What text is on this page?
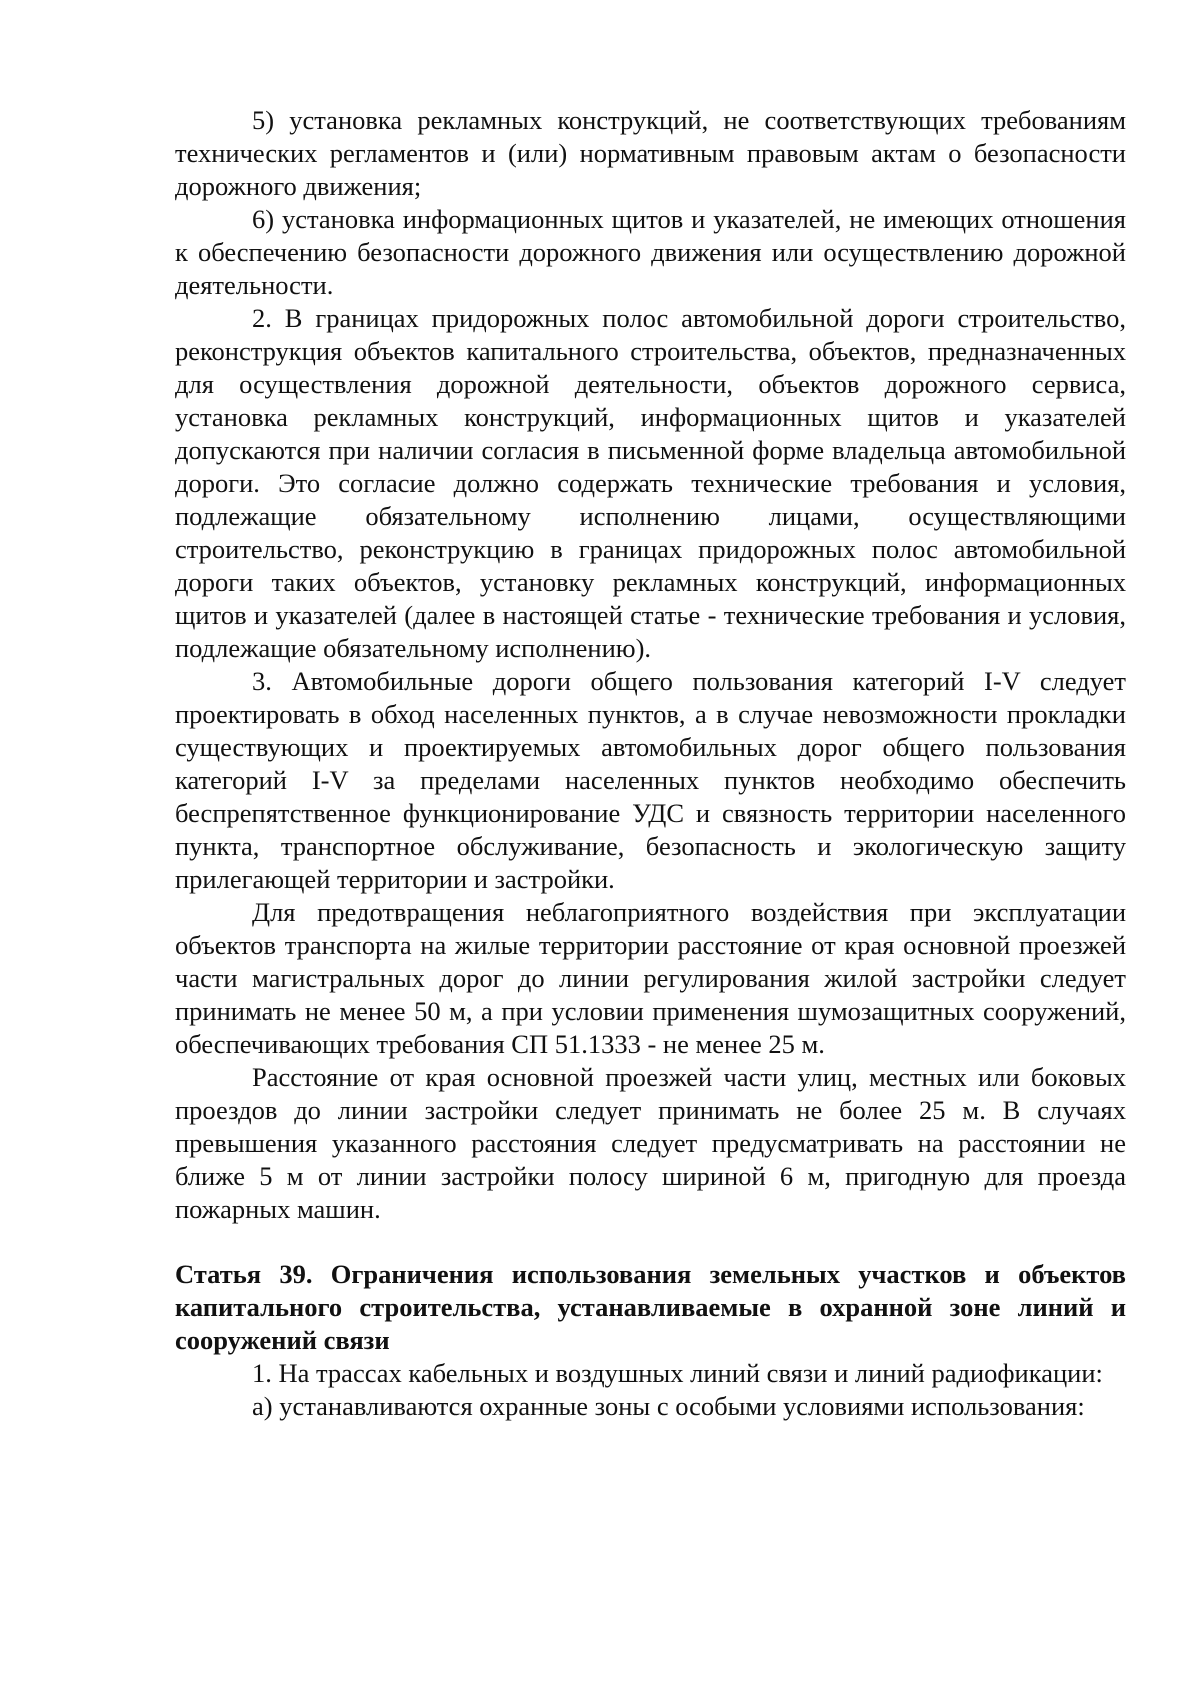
5) установка рекламных конструкций, не соответствующих требованиям технических регламентов и (или) нормативным правовым актам о безопасности дорожного движения;

6) установка информационных щитов и указателей, не имеющих отношения к обеспечению безопасности дорожного движения или осуществлению дорожной деятельности.

2. В границах придорожных полос автомобильной дороги строительство, реконструкция объектов капитального строительства, объектов, предназначенных для осуществления дорожной деятельности, объектов дорожного сервиса, установка рекламных конструкций, информационных щитов и указателей допускаются при наличии согласия в письменной форме владельца автомобильной дороги. Это согласие должно содержать технические требования и условия, подлежащие обязательному исполнению лицами, осуществляющими строительство, реконструкцию в границах придорожных полос автомобильной дороги таких объектов, установку рекламных конструкций, информационных щитов и указателей (далее в настоящей статье - технические требования и условия, подлежащие обязательному исполнению).

3. Автомобильные дороги общего пользования категорий I-V следует проектировать в обход населенных пунктов, а в случае невозможности прокладки существующих и проектируемых автомобильных дорог общего пользования категорий I-V за пределами населенных пунктов необходимо обеспечить беспрепятственное функционирование УДС и связность территории населенного пункта, транспортное обслуживание, безопасность и экологическую защиту прилегающей территории и застройки.

Для предотвращения неблагоприятного воздействия при эксплуатации объектов транспорта на жилые территории расстояние от края основной проезжей части магистральных дорог до линии регулирования жилой застройки следует принимать не менее 50 м, а при условии применения шумозащитных сооружений, обеспечивающих требования СП 51.1333 - не менее 25 м.

Расстояние от края основной проезжей части улиц, местных или боковых проездов до линии застройки следует принимать не более 25 м. В случаях превышения указанного расстояния следует предусматривать на расстоянии не ближе 5 м от линии застройки полосу шириной 6 м, пригодную для проезда пожарных машин.

Статья 39. Ограничения использования земельных участков и объектов капитального строительства, устанавливаемые в охранной зоне линий и сооружений связи

1. На трассах кабельных и воздушных линий связи и линий радиофикации:

а) устанавливаются охранные зоны с особыми условиями использования:
